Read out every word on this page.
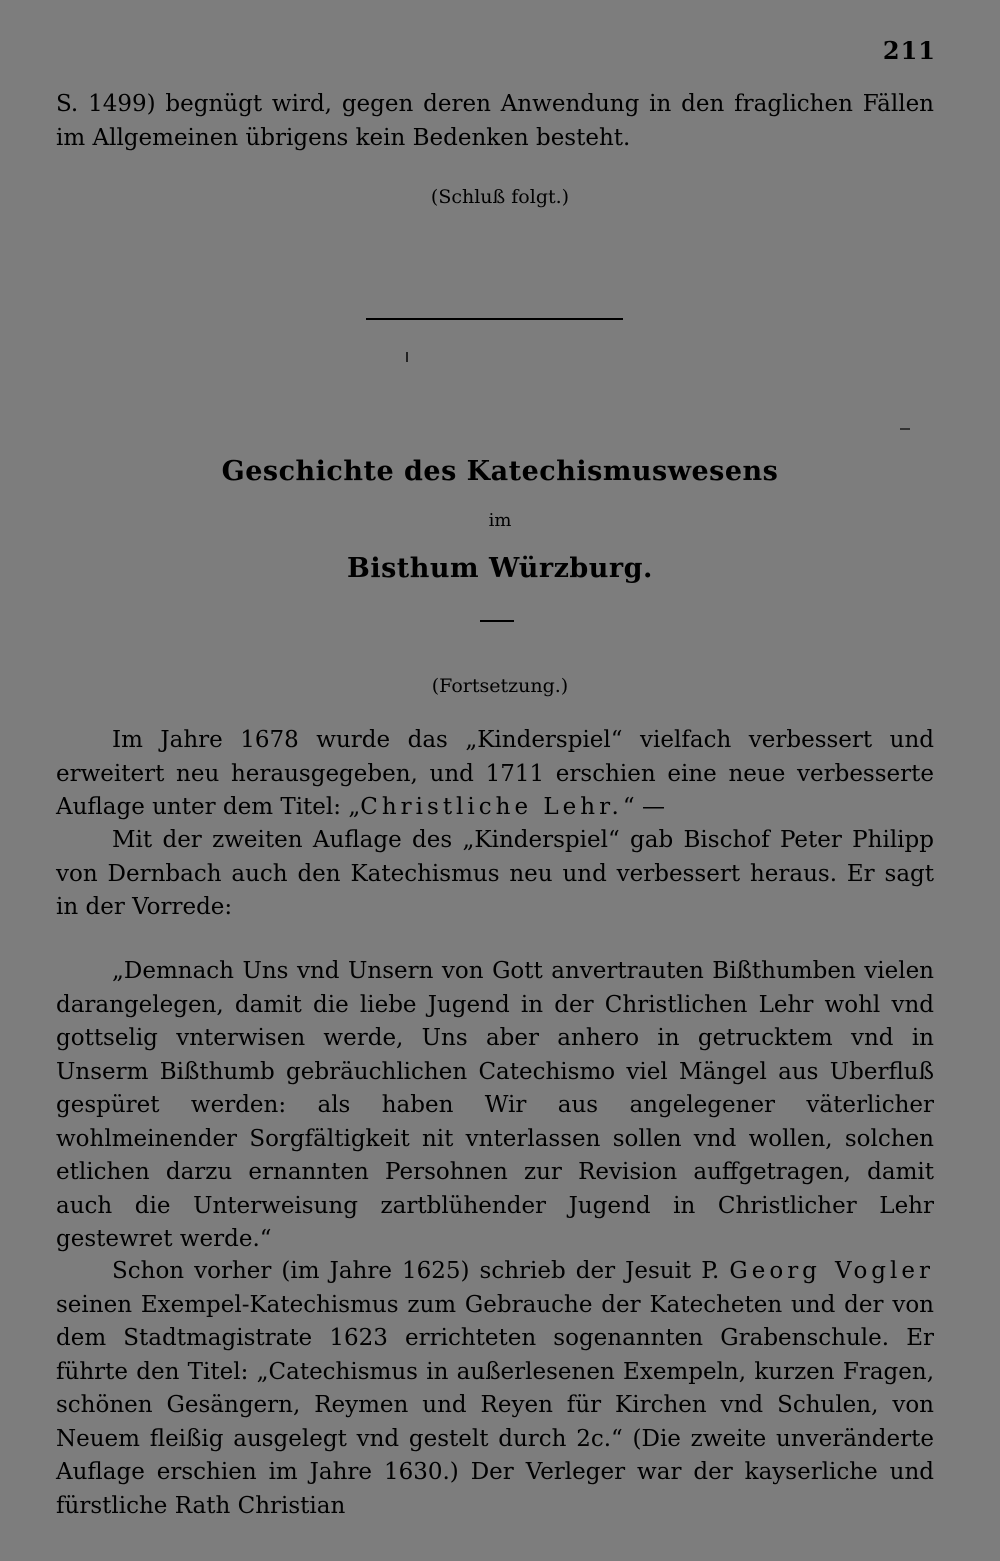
211

S. 1499) begnügt wird, gegen deren Anwendung in den fraglichen Fällen im Allgemeinen übrigens kein Bedenken besteht.

(Schluß folgt.)
Geschichte des Katechismuswesens
im
Bisthum Würzburg.
(Fortsetzung.)

Im Jahre 1678 wurde das „Kinderspiel“ vielfach verbessert und erweitert neu herausgegeben, und 1711 erschien eine neue verbesserte Auflage unter dem Titel: „Christliche Lehr.“ —

Mit der zweiten Auflage des „Kinderspiel“ gab Bischof Peter Philipp von Dernbach auch den Katechismus neu und verbessert heraus. Er sagt in der Vorrede:

„Demnach Uns vnd Unsern von Gott anvertrauten Bißthumben vielen darangelegen, damit die liebe Jugend in der Christlichen Lehr wohl vnd gottselig vnterwisen werde, Uns aber anhero in getrucktem vnd in Unserm Bißthumb gebräuchlichen Catechismo viel Mängel aus Uberfluß gespüret werden: als haben Wir aus angelegener väterlicher wohlmeinender Sorgfältigkeit nit vnterlassen sollen vnd wollen, solchen etlichen darzu ernannten Persohnen zur Revision auffgetragen, damit auch die Unterweisung zartblühender Jugend in Christlicher Lehr gestewret werde.“

Schon vorher (im Jahre 1625) schrieb der Jesuit P. Georg Vogler seinen Exempel-Katechismus zum Gebrauche der Katecheten und der von dem Stadtmagistrate 1623 errichteten sogenannten Grabenschule. Er führte den Titel: „Catechismus in außerlesenen Exempeln, kurzen Fragen, schönen Gesängern, Reymen und Reyen für Kirchen vnd Schulen, von Neuem fleißig ausgelegt vnd gestelt durch 2c.“ (Die zweite unveränderte Auflage erschien im Jahre 1630.) Der Verleger war der kayserliche und fürstliche Rath Christian
